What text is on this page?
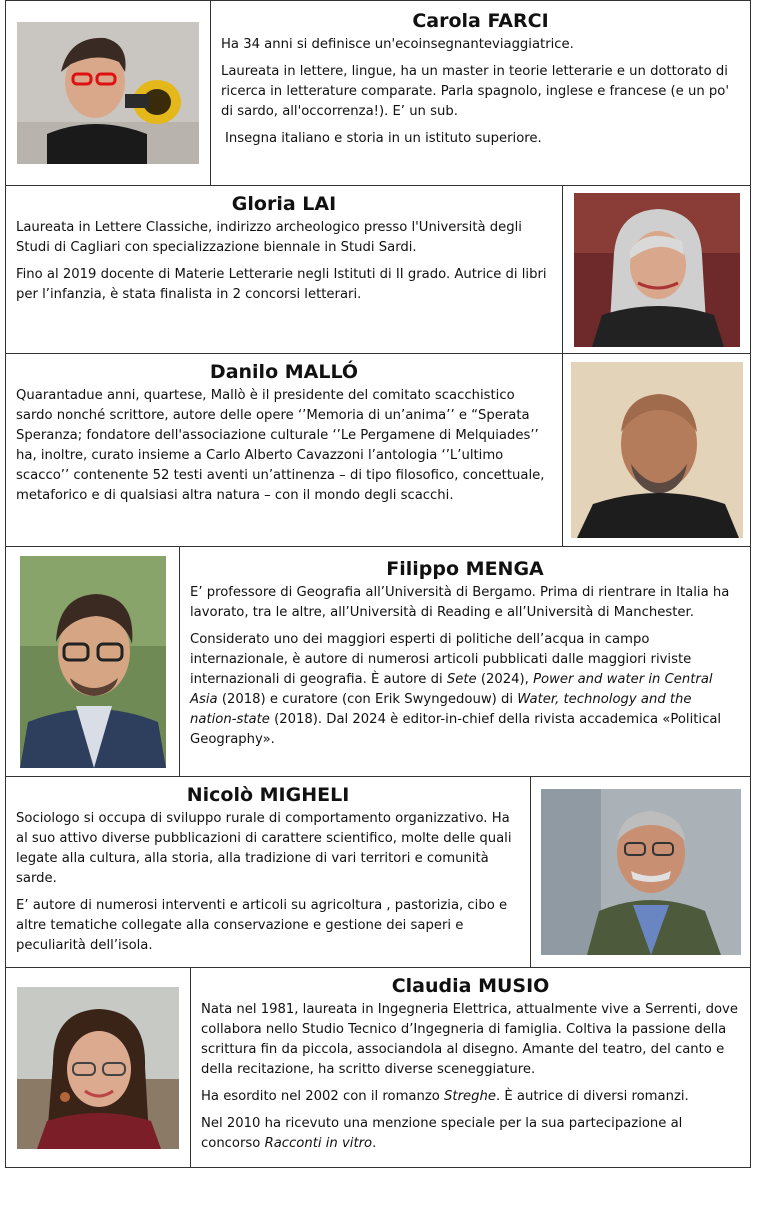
Carola FARCI

Ha 34 anni si definisce un'ecoinsegnanteviaggiatrice.

Laureata in lettere, lingue, ha un master in teorie letterarie e un dottorato di ricerca in letterature comparate. Parla spagnolo, inglese e francese (e un po' di sardo, all'occorrenza!). E’ un sub.

Insegna italiano e storia in un istituto superiore.

Gloria LAI

Laureata in Lettere Classiche, indirizzo archeologico presso l'Università degli Studi di Cagliari con specializzazione biennale in Studi Sardi.

Fino al 2019 docente di Materie Letterarie negli Istituti di II grado. Autrice di libri per l’infanzia, è stata finalista in 2 concorsi letterari.

Danilo MALLÓ

Quarantadue anni, quartese, Mallò è il presidente del comitato scacchistico sardo nonché scrittore, autore delle opere ‘’Memoria di un’anima’’ e “Sperata Speranza; fondatore dell'associazione culturale ‘’Le Pergamene di Melquiades’’ ha, inoltre, curato insieme a Carlo Alberto Cavazzoni l’antologia ‘’L’ultimo scacco’’ contenente 52 testi aventi un’attinenza – di tipo filosofico, concettuale, metaforico e di qualsiasi altra natura – con il mondo degli scacchi.

Filippo MENGA

E’ professore di Geografia all’Università di Bergamo. Prima di rientrare in Italia ha lavorato, tra le altre, all’Università di Reading e all’Università di Manchester.

Considerato uno dei maggiori esperti di politiche dell’acqua in campo internazionale, è autore di numerosi articoli pubblicati dalle maggiori riviste internazionali di geografia. È autore di Sete (2024), Power and water in Central Asia (2018) e curatore (con Erik Swyngedouw) di Water, technology and the nation-state (2018). Dal 2024 è editor-in-chief della rivista accademica «Political Geography».

Nicolò MIGHELI

Sociologo si occupa di sviluppo rurale di comportamento organizzativo. Ha al suo attivo diverse pubblicazioni di carattere scientifico, molte delle quali legate alla cultura, alla storia, alla tradizione di vari territori e comunità sarde.

E’ autore di numerosi interventi e articoli su agricoltura , pastorizia, cibo e altre tematiche collegate alla conservazione e gestione dei saperi e peculiarità dell’isola.

Claudia MUSIO

Nata nel 1981, laureata in Ingegneria Elettrica, attualmente vive a Serrenti, dove collabora nello Studio Tecnico d’Ingegneria di famiglia. Coltiva la passione della scrittura fin da piccola, associandola al disegno. Amante del teatro, del canto e della recitazione, ha scritto diverse sceneggiature.

Ha esordito nel 2002 con il romanzo Streghe. È autrice di diversi romanzi.

Nel 2010 ha ricevuto una menzione speciale per la sua partecipazione al concorso Racconti in vitro.
